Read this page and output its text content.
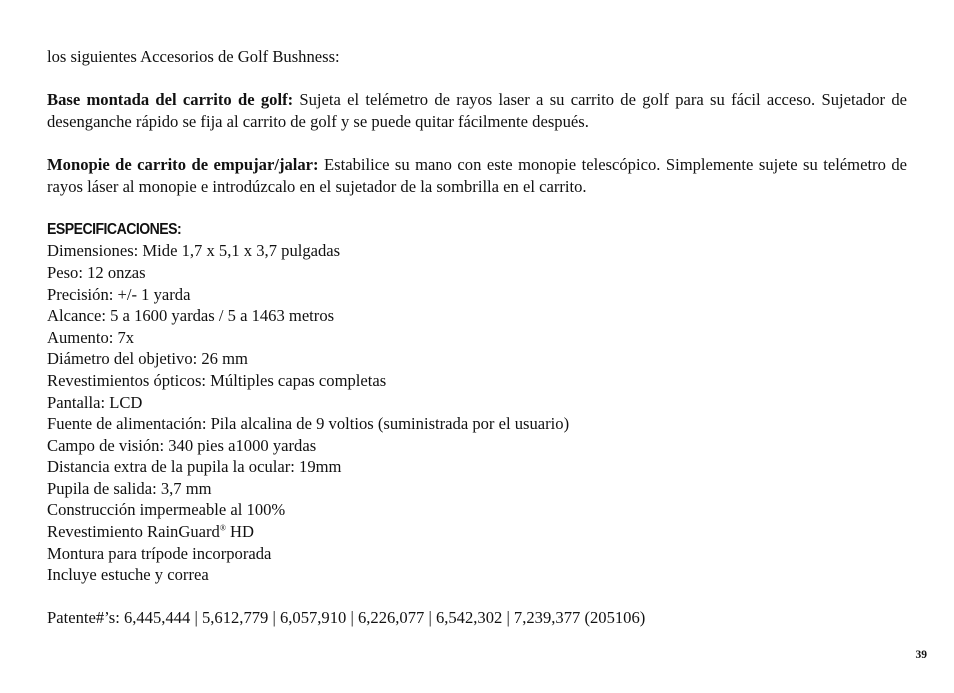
los siguientes Accesorios de Golf Bushness:

Base montada del carrito de golf: Sujeta el telémetro de rayos laser a su carrito de golf para su fácil acceso. Sujetador de desenganche rápido se fija al carrito de golf y se puede quitar fácilmente después.

Monopie de carrito de empujar/jalar: Estabilice su mano con este monopie telescópico. Simplemente sujete su telémetro de rayos láser al monopie e introdúzcalo en el sujetador de la sombrilla en el carrito.

ESPECIFICACIONES:
Dimensiones: Mide 1,7 x 5,1 x 3,7 pulgadas
Peso: 12 onzas
Precisión: +/- 1 yarda
Alcance: 5 a 1600 yardas / 5 a 1463 metros
Aumento: 7x
Diámetro del objetivo: 26 mm
Revestimientos ópticos: Múltiples capas completas
Pantalla: LCD
Fuente de alimentación: Pila alcalina de 9 voltios (suministrada por el usuario)
Campo de visión: 340 pies a1000 yardas
Distancia extra de la pupila la ocular: 19mm
Pupila de salida: 3,7 mm
Construcción impermeable al 100%
Revestimiento RainGuard® HD
Montura para trípode incorporada
Incluye estuche y correa

Patente#’s: 6,445,444 | 5,612,779 | 6,057,910 | 6,226,077 | 6,542,302 | 7,239,377 (205106)

39
